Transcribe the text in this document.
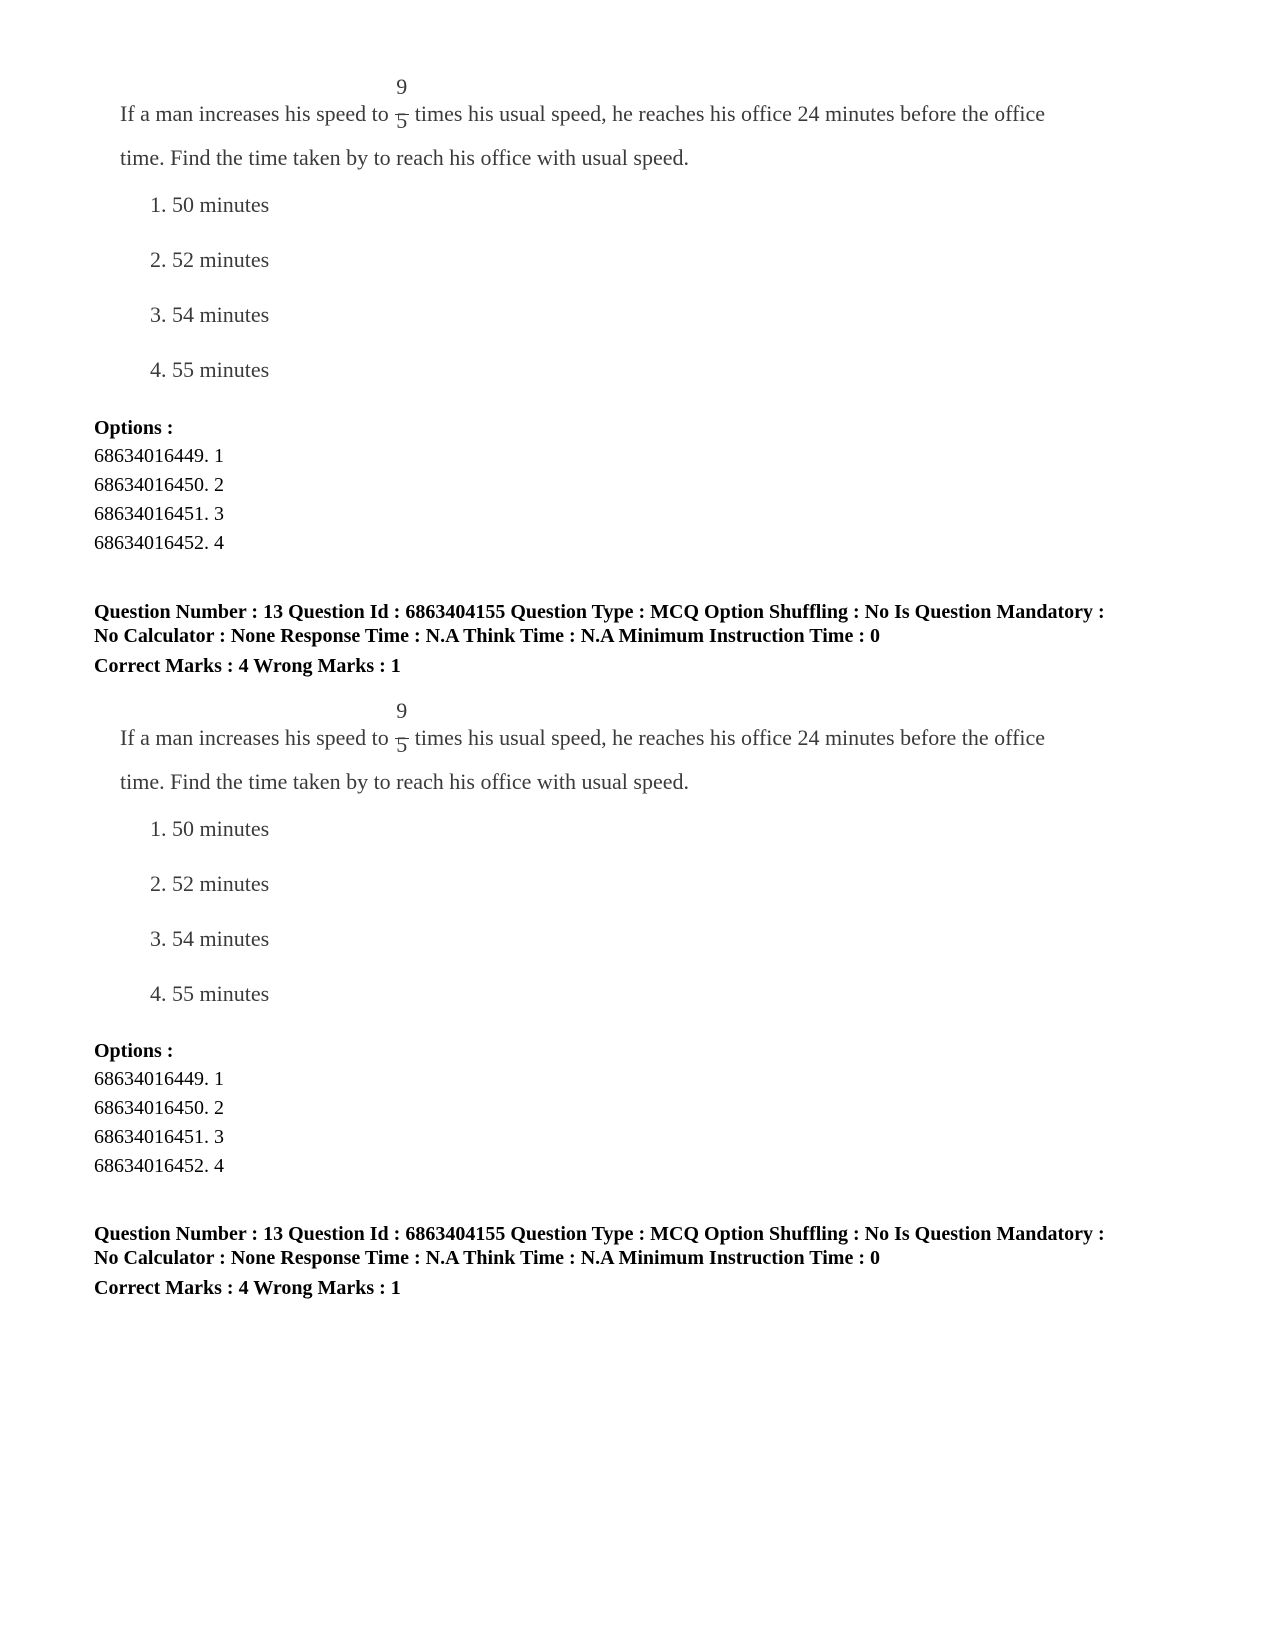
If a man increases his speed to $\frac{9}{5}$ times his usual speed, he reaches his office 24 minutes before the office
time. Find the time taken by to reach his office with usual speed.
1. 50 minutes
2. 52 minutes
3. 54 minutes
4. 55 minutes
Options :
68634016449. 1
68634016450. 2
68634016451. 3
68634016452. 4
Question Number : 13 Question Id : 6863404155 Question Type : MCQ Option Shuffling : No Is Question Mandatory :
No Calculator : None Response Time : N.A Think Time : N.A Minimum Instruction Time : 0
Correct Marks : 4 Wrong Marks : 1
If a man increases his speed to $\frac{9}{5}$ times his usual speed, he reaches his office 24 minutes before the office
time. Find the time taken by to reach his office with usual speed.
1. 50 minutes
2. 52 minutes
3. 54 minutes
4. 55 minutes
Options :
68634016449. 1
68634016450. 2
68634016451. 3
68634016452. 4
Question Number : 13 Question Id : 6863404155 Question Type : MCQ Option Shuffling : No Is Question Mandatory :
No Calculator : None Response Time : N.A Think Time : N.A Minimum Instruction Time : 0
Correct Marks : 4 Wrong Marks : 1
